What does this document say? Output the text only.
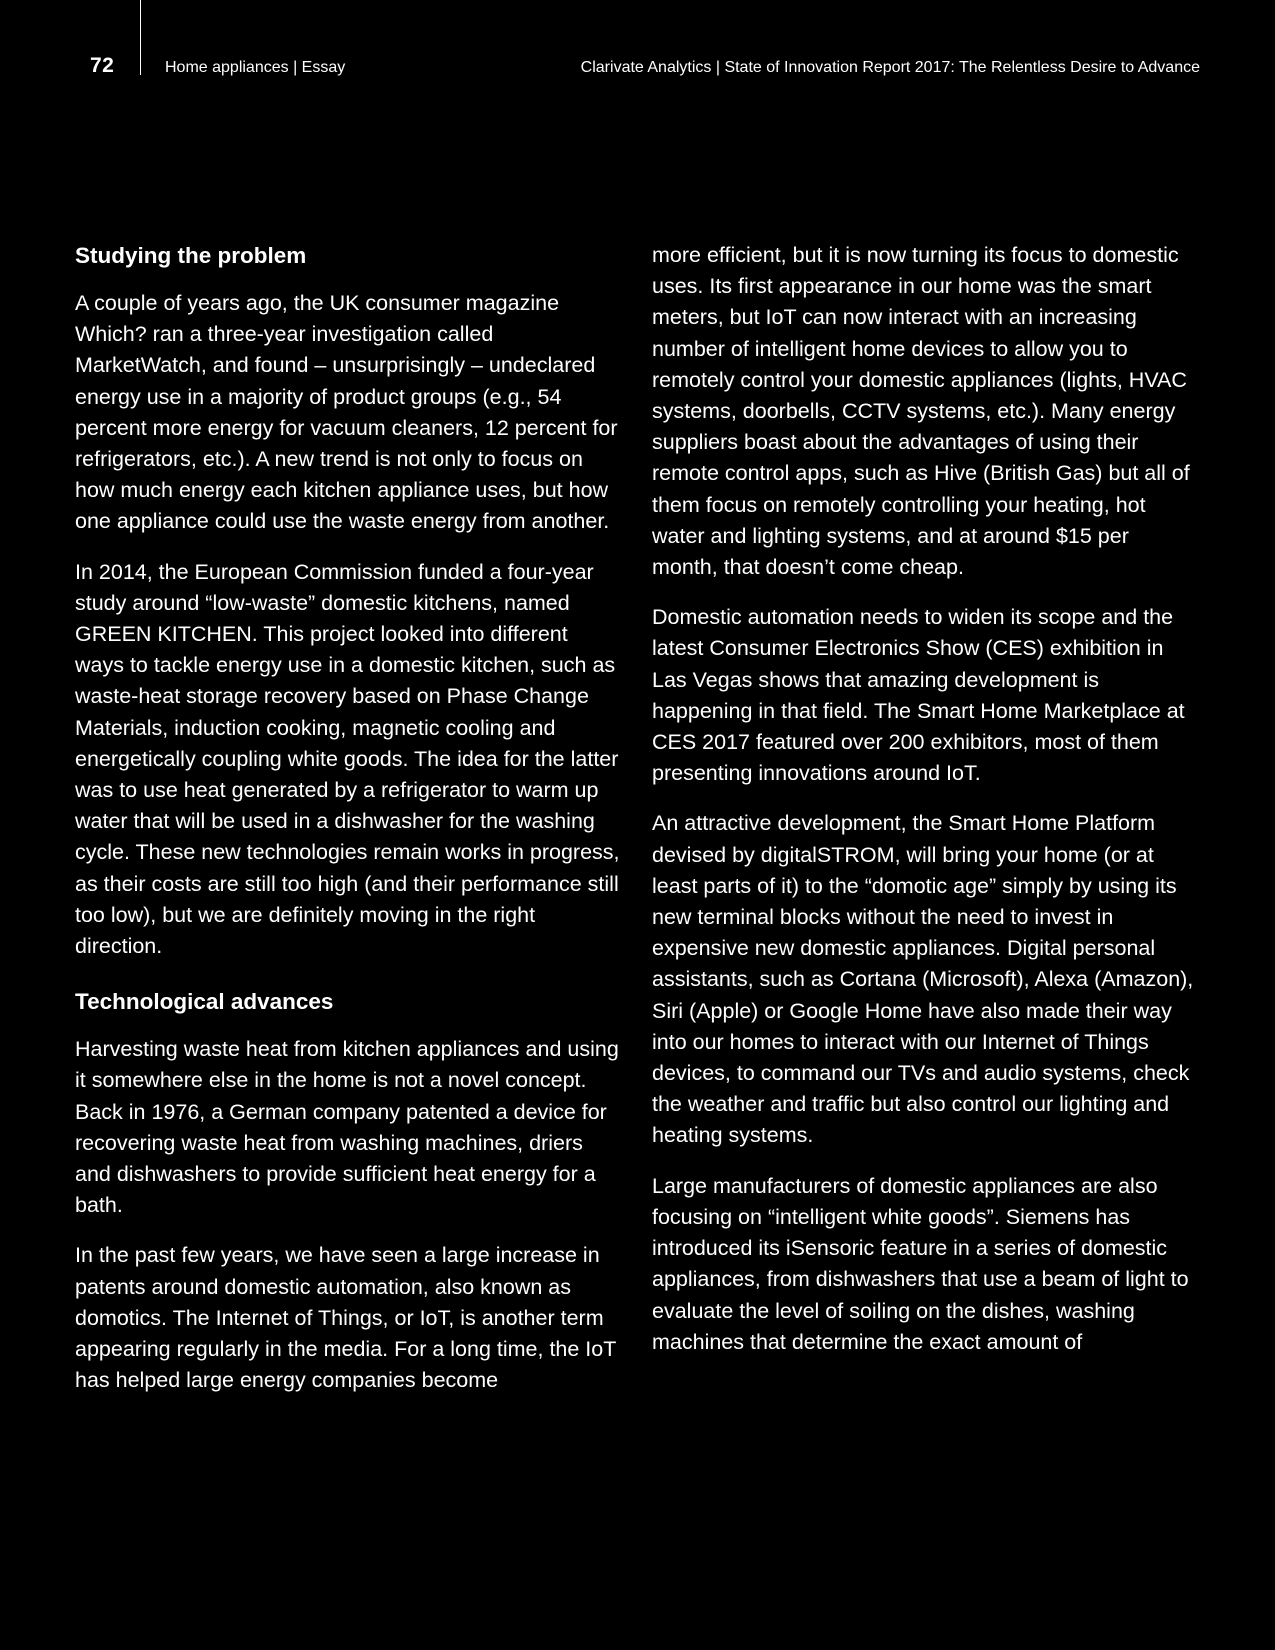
72	Home appliances | Essay	Clarivate Analytics | State of Innovation Report 2017: The Relentless Desire to Advance
Studying the problem

A couple of years ago, the UK consumer magazine Which? ran a three-year investigation called MarketWatch, and found – unsurprisingly – undeclared energy use in a majority of product groups (e.g., 54 percent more energy for vacuum cleaners, 12 percent for refrigerators, etc.). A new trend is not only to focus on how much energy each kitchen appliance uses, but how one appliance could use the waste energy from another.

In 2014, the European Commission funded a four-year study around “low-waste” domestic kitchens, named GREEN KITCHEN. This project looked into different ways to tackle energy use in a domestic kitchen, such as waste-heat storage recovery based on Phase Change Materials, induction cooking, magnetic cooling and energetically coupling white goods. The idea for the latter was to use heat generated by a refrigerator to warm up water that will be used in a dishwasher for the washing cycle. These new technologies remain works in progress, as their costs are still too high (and their performance still too low), but we are definitely moving in the right direction.

Technological advances

Harvesting waste heat from kitchen appliances and using it somewhere else in the home is not a novel concept. Back in 1976, a German company patented a device for recovering waste heat from washing machines, driers and dishwashers to provide sufficient heat energy for a bath.

In the past few years, we have seen a large increase in patents around domestic automation, also known as domotics. The Internet of Things, or IoT, is another term appearing regularly in the media. For a long time, the IoT has helped large energy companies become

more efficient, but it is now turning its focus to domestic uses. Its first appearance in our home was the smart meters, but IoT can now interact with an increasing number of intelligent home devices to allow you to remotely control your domestic appliances (lights, HVAC systems, doorbells, CCTV systems, etc.). Many energy suppliers boast about the advantages of using their remote control apps, such as Hive (British Gas) but all of them focus on remotely controlling your heating, hot water and lighting systems, and at around $15 per month, that doesn’t come cheap.

Domestic automation needs to widen its scope and the latest Consumer Electronics Show (CES) exhibition in Las Vegas shows that amazing development is happening in that field. The Smart Home Marketplace at CES 2017 featured over 200 exhibitors, most of them presenting innovations around IoT.

An attractive development, the Smart Home Platform devised by digitalSTROM, will bring your home (or at least parts of it) to the “domotic age” simply by using its new terminal blocks without the need to invest in expensive new domestic appliances. Digital personal assistants, such as Cortana (Microsoft), Alexa (Amazon), Siri (Apple) or Google Home have also made their way into our homes to interact with our Internet of Things devices, to command our TVs and audio systems, check the weather and traffic but also control our lighting and heating systems.

Large manufacturers of domestic appliances are also focusing on “intelligent white goods”. Siemens has introduced its iSensoric feature in a series of domestic appliances, from dishwashers that use a beam of light to evaluate the level of soiling on the dishes, washing machines that determine the exact amount of
